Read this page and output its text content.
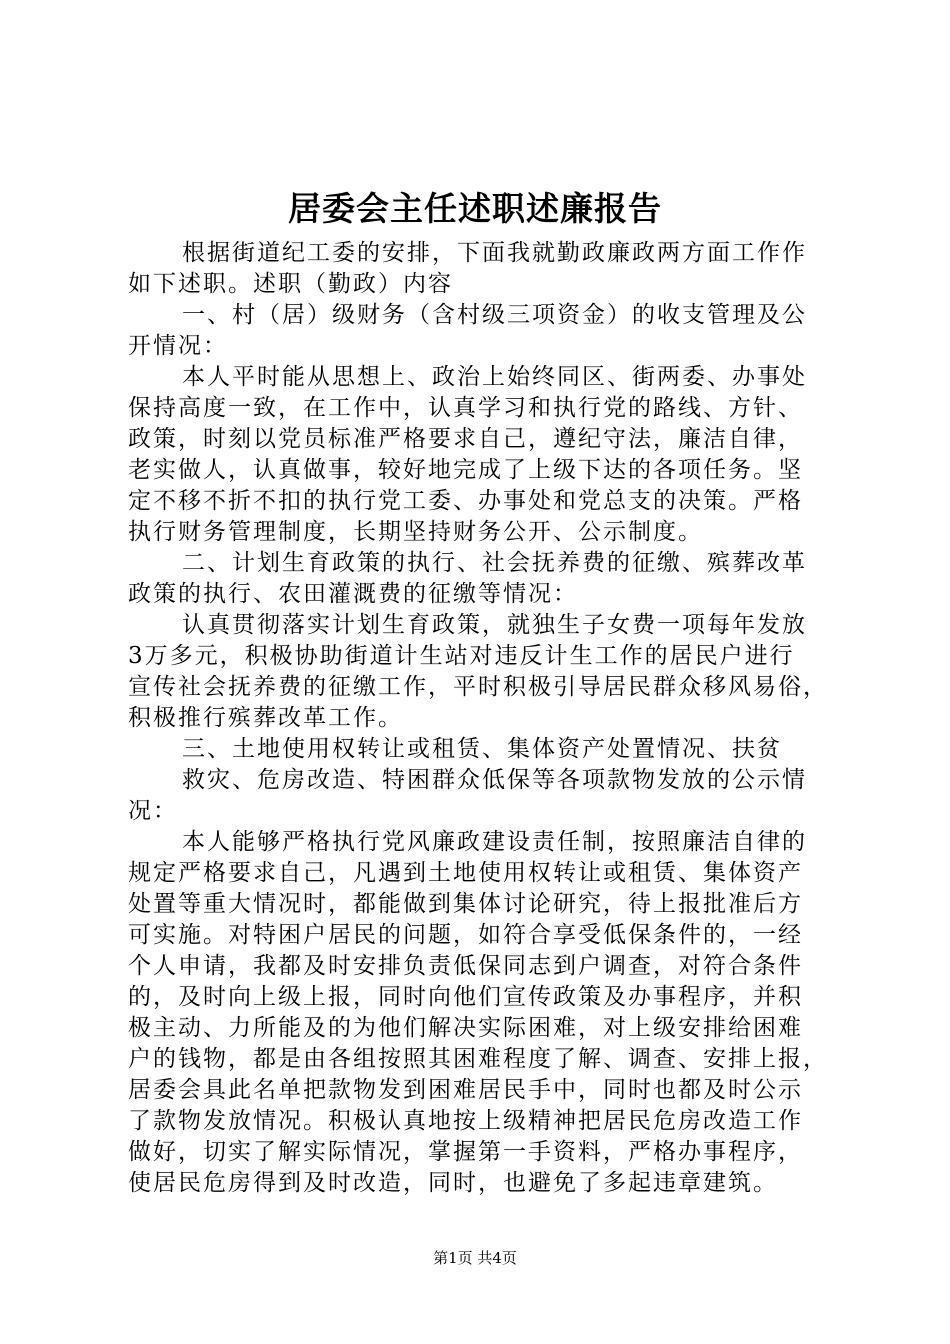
居委会主任述职述廉报告
根据街道纪工委的安排，下面我就勤政廉政两方面工作作
如下述职。述职（勤政）内容
一、村（居）级财务（含村级三项资金）的收支管理及公
开情况：
本人平时能从思想上、政治上始终同区、街两委、办事处
保持高度一致，在工作中，认真学习和执行党的路线、方针、
政策，时刻以党员标准严格要求自己，遵纪守法，廉洁自律，
老实做人，认真做事，较好地完成了上级下达的各项任务。坚
定不移不折不扣的执行党工委、办事处和党总支的决策。严格
执行财务管理制度，长期坚持财务公开、公示制度。
二、计划生育政策的执行、社会抚养费的征缴、殡葬改革
政策的执行、农田灌溉费的征缴等情况：
认真贯彻落实计划生育政策，就独生子女费一项每年发放
3万多元，积极协助街道计生站对违反计生工作的居民户进行
宣传社会抚养费的征缴工作，平时积极引导居民群众移风易俗，
积极推行殡葬改革工作。
三、土地使用权转让或租赁、集体资产处置情况、扶贫
救灾、危房改造、特困群众低保等各项款物发放的公示情
况：
本人能够严格执行党风廉政建设责任制，按照廉洁自律的
规定严格要求自己，凡遇到土地使用权转让或租赁、集体资产
处置等重大情况时，都能做到集体讨论研究，待上报批准后方
可实施。对特困户居民的问题，如符合享受低保条件的，一经
个人申请，我都及时安排负责低保同志到户调查，对符合条件
的，及时向上级上报，同时向他们宣传政策及办事程序，并积
极主动、力所能及的为他们解决实际困难，对上级安排给困难
户的钱物，都是由各组按照其困难程度了解、调查、安排上报，
居委会具此名单把款物发到困难居民手中，同时也都及时公示
了款物发放情况。积极认真地按上级精神把居民危房改造工作
做好，切实了解实际情况，掌握第一手资料，严格办事程序，
使居民危房得到及时改造，同时，也避免了多起违章建筑。
第1页 共4页
